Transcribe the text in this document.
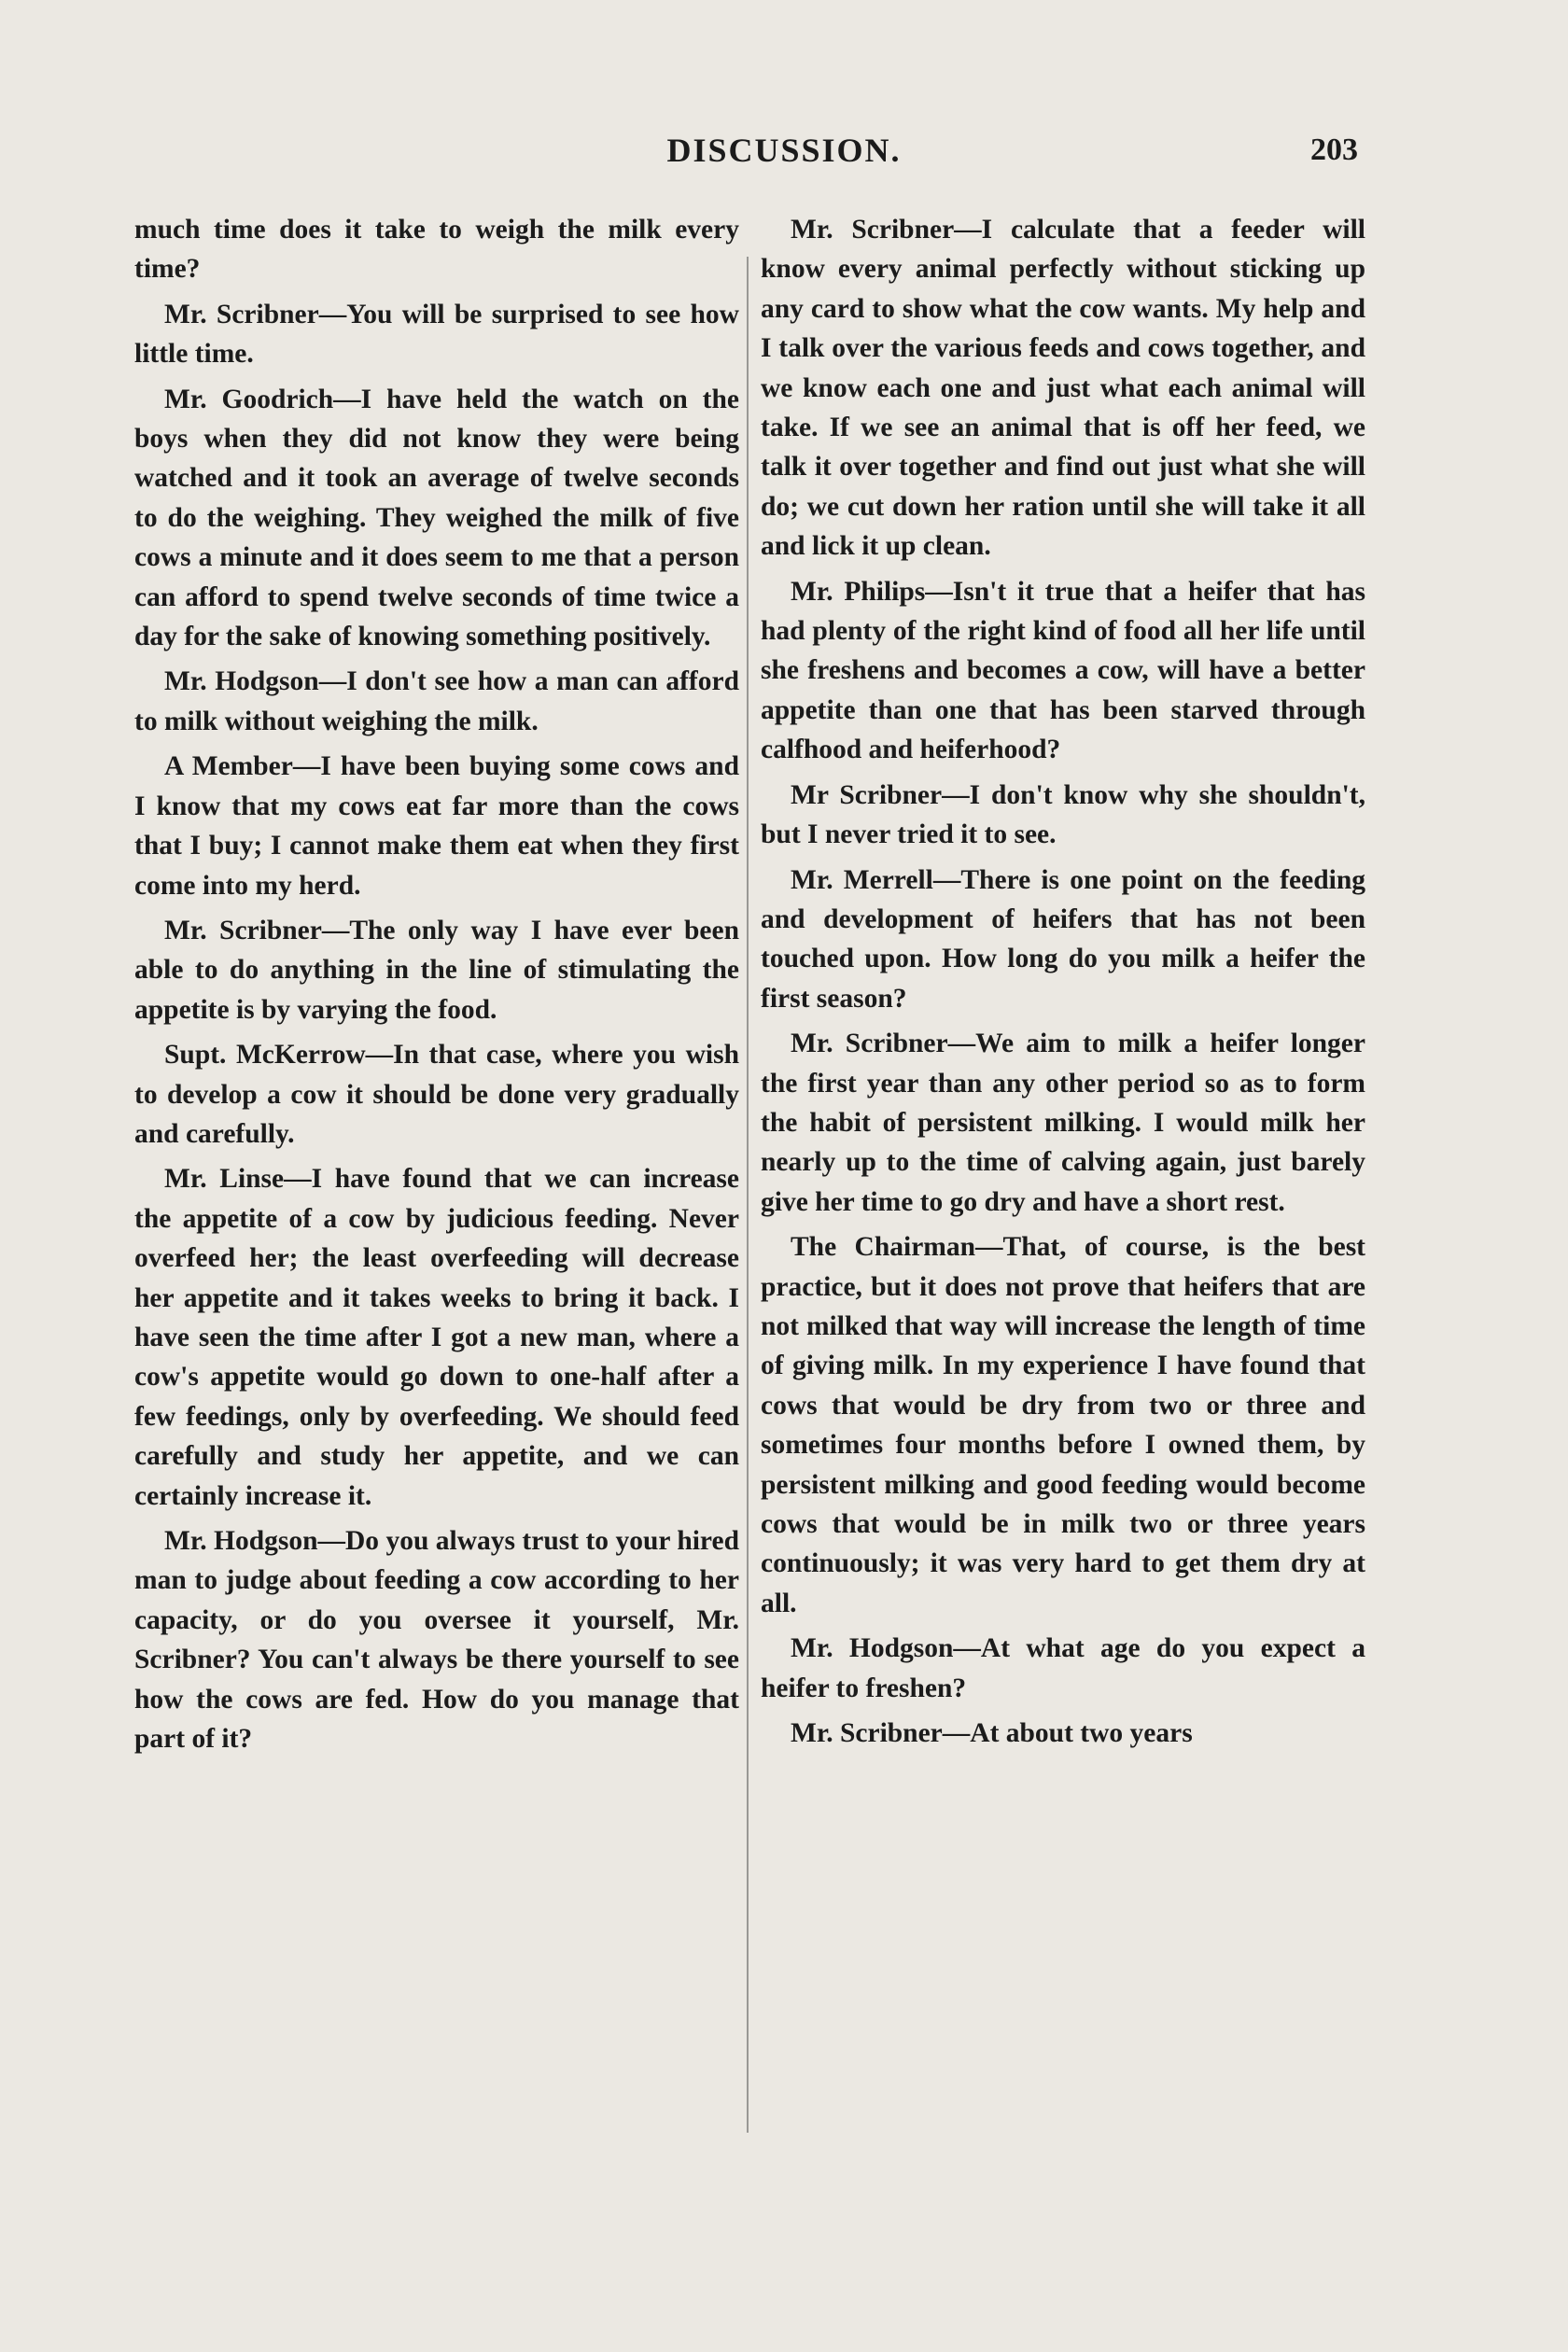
DISCUSSION.	203

much time does it take to weigh the milk every time?

Mr. Scribner—You will be surprised to see how little time.

Mr. Goodrich—I have held the watch on the boys when they did not know they were being watched and it took an average of twelve seconds to do the weighing. They weighed the milk of five cows a minute and it does seem to me that a person can afford to spend twelve seconds of time twice a day for the sake of knowing something positively.

Mr. Hodgson—I don't see how a man can afford to milk without weighing the milk.

A Member—I have been buying some cows and I know that my cows eat far more than the cows that I buy; I cannot make them eat when they first come into my herd.

Mr. Scribner—The only way I have ever been able to do anything in the line of stimulating the appetite is by varying the food.

Supt. McKerrow—In that case, where you wish to develop a cow it should be done very gradually and carefully.

Mr. Linse—I have found that we can increase the appetite of a cow by judicious feeding. Never overfeed her; the least overfeeding will decrease her appetite and it takes weeks to bring it back. I have seen the time after I got a new man, where a cow's appetite would go down to one-half after a few feedings, only by overfeeding. We should feed carefully and study her appetite, and we can certainly increase it.

Mr. Hodgson—Do you always trust to your hired man to judge about feeding a cow according to her capacity, or do you oversee it yourself, Mr. Scribner? You can't always be there yourself to see how the cows are fed. How do you manage that part of it?

Mr. Scribner—I calculate that a feeder will know every animal perfectly without sticking up any card to show what the cow wants. My help and I talk over the various feeds and cows together, and we know each one and just what each animal will take. If we see an animal that is off her feed, we talk it over together and find out just what she will do; we cut down her ration until she will take it all and lick it up clean.

Mr. Philips—Isn't it true that a heifer that has had plenty of the right kind of food all her life until she freshens and becomes a cow, will have a better appetite than one that has been starved through calfhood and heiferhood?

Mr Scribner—I don't know why she shouldn't, but I never tried it to see.

Mr. Merrell—There is one point on the feeding and development of heifers that has not been touched upon. How long do you milk a heifer the first season?

Mr. Scribner—We aim to milk a heifer longer the first year than any other period so as to form the habit of persistent milking. I would milk her nearly up to the time of calving again, just barely give her time to go dry and have a short rest.

The Chairman—That, of course, is the best practice, but it does not prove that heifers that are not milked that way will increase the length of time of giving milk. In my experience I have found that cows that would be dry from two or three and sometimes four months before I owned them, by persistent milking and good feeding would become cows that would be in milk two or three years continuously; it was very hard to get them dry at all.

Mr. Hodgson—At what age do you expect a heifer to freshen?

Mr. Scribner—At about two years
